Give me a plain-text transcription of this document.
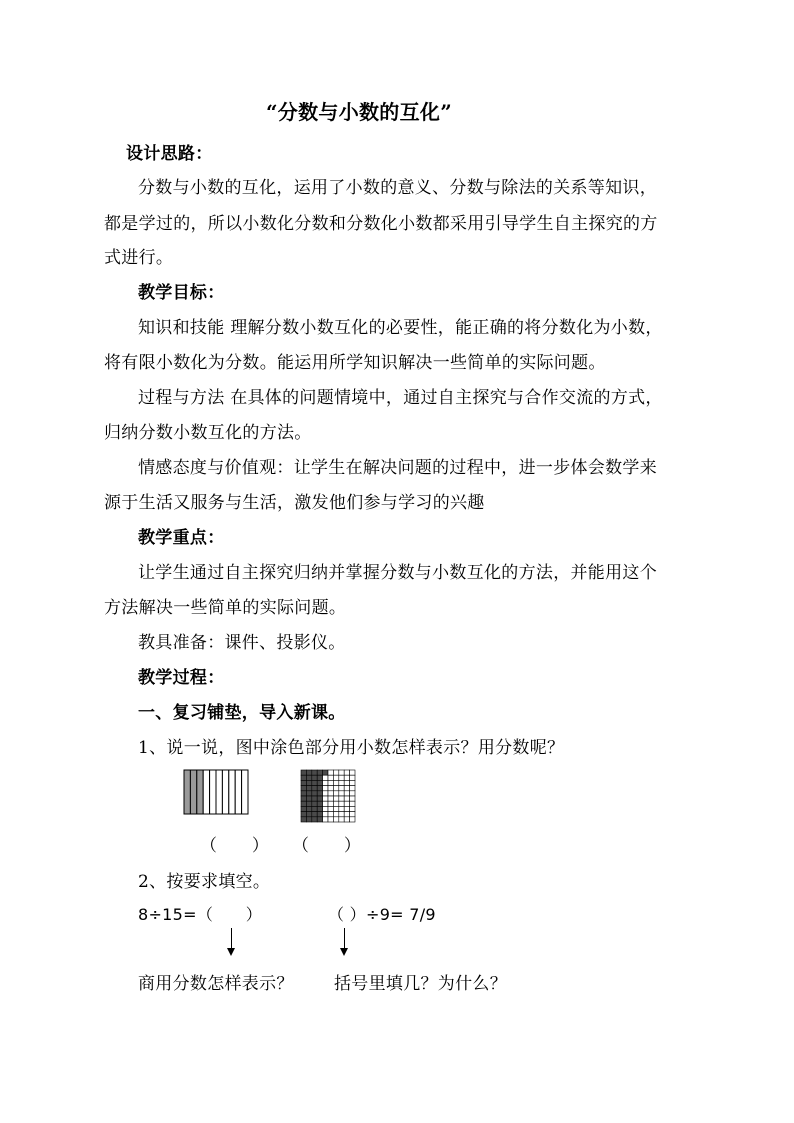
“分数与小数的互化”
设计思路：
分数与小数的互化，运用了小数的意义、分数与除法的关系等知识，
都是学过的，所以小数化分数和分数化小数都采用引导学生自主探究的方
式进行。
教学目标：
知识和技能 理解分数小数互化的必要性，能正确的将分数化为小数，
将有限小数化为分数。能运用所学知识解决一些简单的实际问题。
过程与方法 在具体的问题情境中，通过自主探究与合作交流的方式，
归纳分数小数互化的方法。
情感态度与价值观：让学生在解决问题的过程中，进一步体会数学来
源于生活又服务与生活，激发他们参与学习的兴趣
教学重点：
让学生通过自主探究归纳并掌握分数与小数互化的方法，并能用这个
方法解决一些简单的实际问题。
教具准备：课件、投影仪。
教学过程：
一、复习铺垫，导入新课。
1、说一说，图中涂色部分用小数怎样表示？用分数呢？
（　　） （　　）
2、按要求填空。
8÷15=（　　）	（ ）÷9= 7/9
商用分数怎样表示？ 括号里填几？为什么？
